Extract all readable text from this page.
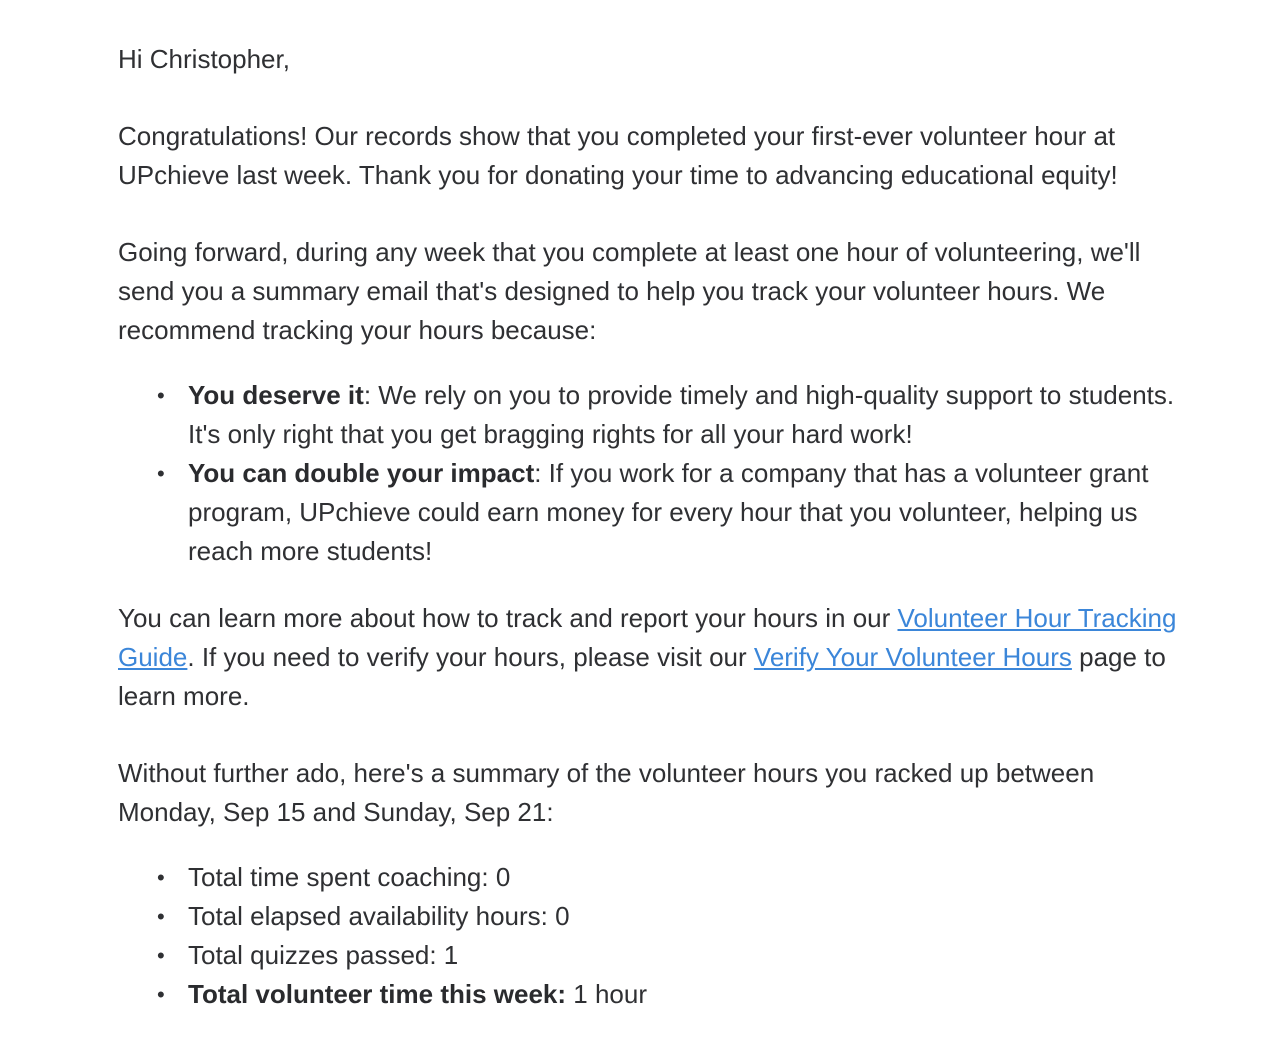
Hi Christopher,

Congratulations! Our records show that you completed your first-ever volunteer hour at UPchieve last week. Thank you for donating your time to advancing educational equity!

Going forward, during any week that you complete at least one hour of volunteering, we'll send you a summary email that's designed to help you track your volunteer hours. We recommend tracking your hours because:

• You deserve it: We rely on you to provide timely and high-quality support to students. It's only right that you get bragging rights for all your hard work!
• You can double your impact: If you work for a company that has a volunteer grant program, UPchieve could earn money for every hour that you volunteer, helping us reach more students!

You can learn more about how to track and report your hours in our Volunteer Hour Tracking Guide. If you need to verify your hours, please visit our Verify Your Volunteer Hours page to learn more.

Without further ado, here's a summary of the volunteer hours you racked up between Monday, Sep 15 and Sunday, Sep 21:

• Total time spent coaching: 0
• Total elapsed availability hours: 0
• Total quizzes passed: 1
• Total volunteer time this week: 1 hour
